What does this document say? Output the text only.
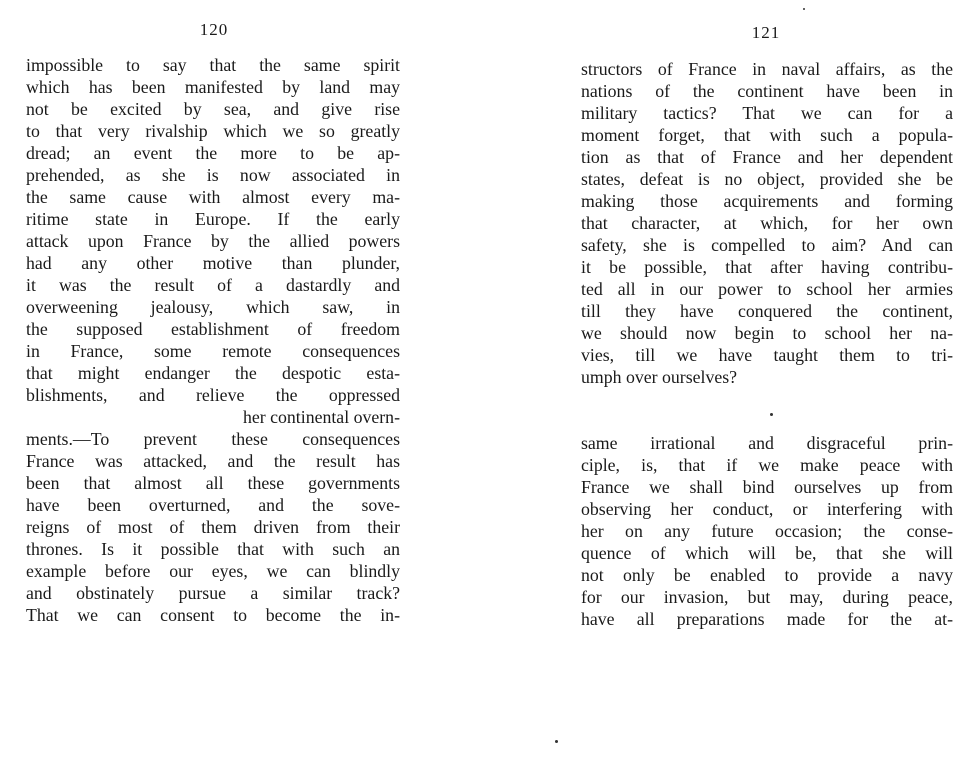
120
impossible to say that the same spirit
which has been manifested by land may
not be excited by sea, and give rise
to that very rivalship which we so greatly
dread; an event the more to be ap-
prehended, as she is now associated in
the same cause with almost every ma-
ritime state in Europe. If the early
attack upon France by the allied powers
had any other motive than plunder,
it was the result of a dastardly and
overweening jealousy, which saw, in
the supposed establishment of freedom
in France, some remote consequences
that might endanger the despotic esta-
blishments, and relieve the oppressed
her continental overn-
ments.—To prevent these consequences
France was attacked, and the result has
been that almost all these governments
have been overturned, and the sove-
reigns of most of them driven from their
thrones. Is it possible that with such an
example before our eyes, we can blindly
and obstinately pursue a similar track?
That we can consent to become the in-
121
structors of France in naval affairs, as the
nations of the continent have been in
military tactics? That we can for a
moment forget, that with such a popula-
tion as that of France and her dependent
states, defeat is no object, provided she be
making those acquirements and forming
that character, at which, for her own
safety, she is compelled to aim? And can
it be possible, that after having contribu-
ted all in our power to school her armies
till they have conquered the continent,
we should now begin to school her na-
vies, till we have taught them to tri-
umph over ourselves?
same irrational and disgraceful prin-
ciple, is, that if we make peace with
France we shall bind ourselves up from
observing her conduct, or interfering with
her on any future occasion; the conse-
quence of which will be, that she will
not only be enabled to provide a navy
for our invasion, but may, during peace,
have all preparations made for the at-
